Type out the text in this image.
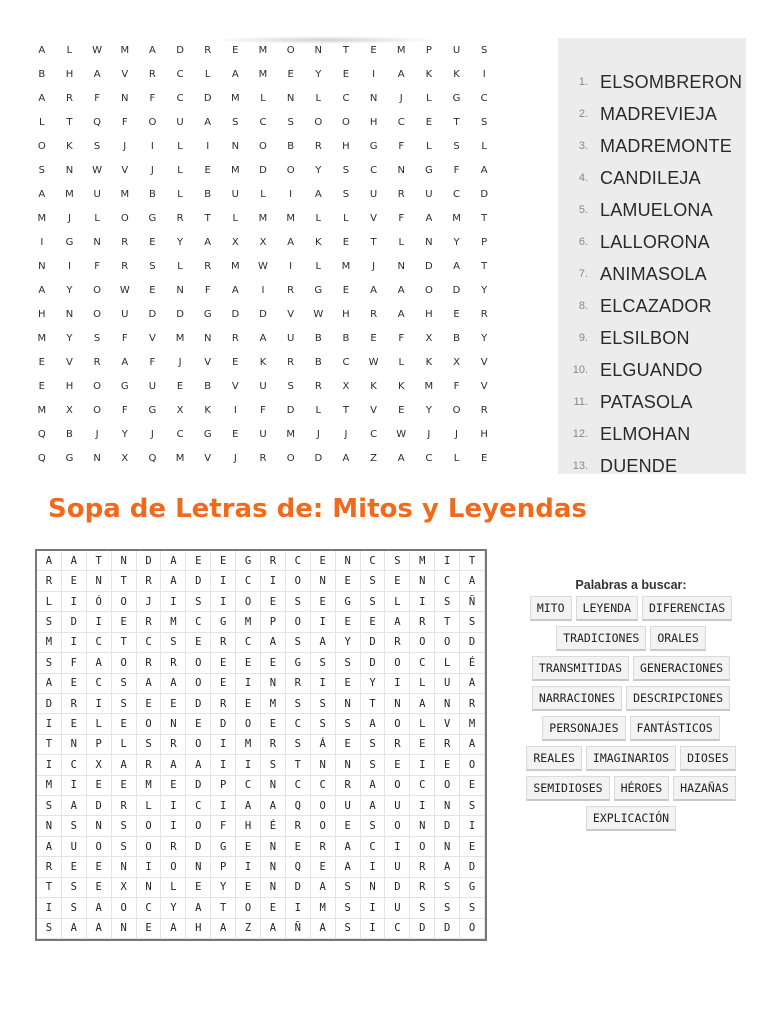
A	L	W	M	A	D	R	E	M	O	N	T	E	M	P	U	S
B	H	A	V	R	C	L	A	M	E	Y	E	I	A	K	K	I
A	R	F	N	F	C	D	M	L	N	L	C	N	J	L	G	C
L	T	Q	F	O	U	A	S	C	S	O	O	H	C	E	T	S
O	K	S	J	I	L	I	N	O	B	R	H	G	F	L	S	L
S	N	W	V	J	L	E	M	D	O	Y	S	C	N	G	F	A
A	M	U	M	B	L	B	U	L	I	A	S	U	R	U	C	D
M	J	L	O	G	R	T	L	M	M	L	L	V	F	A	M	T
I	G	N	R	E	Y	A	X	X	A	K	E	T	L	N	Y	P
N	I	F	R	S	L	R	M	W	I	L	M	J	N	D	A	T
A	Y	O	W	E	N	F	A	I	R	G	E	A	A	O	D	Y
H	N	O	U	D	D	G	D	D	V	W	H	R	A	H	E	R
M	Y	S	F	V	M	N	R	A	U	B	B	E	F	X	B	Y
E	V	R	A	F	J	V	E	K	R	B	C	W	L	K	X	V
E	H	O	G	U	E	B	V	U	S	R	X	K	K	M	F	V
M	X	O	F	G	X	K	I	F	D	L	T	V	E	Y	O	R
Q	B	J	Y	J	C	G	E	U	M	J	J	C	W	J	J	H
Q	G	N	X	Q	M	V	J	R	O	D	A	Z	A	C	L	E
1. ELSOMBRERON
2. MADREVIEJA
3. MADREMONTE
4. CANDILEJA
5. LAMUELONA
6. LALLORONA
7. ANIMASOLA
8. ELCAZADOR
9. ELSILBON
10. ELGUANDO
11. PATASOLA
12. ELMOHAN
13. DUENDE
Sopa de Letras de: Mitos y Leyendas
A	A	T	N	D	A	E	E	G	R	C	E	N	C	S	M	I	T
R	E	N	T	R	A	D	I	C	I	O	N	E	S	E	N	C	A
L	I	Ó	O	J	I	S	I	O	E	S	E	G	S	L	I	S	Ñ
S	D	I	E	R	M	C	G	M	P	O	I	E	E	A	R	T	S
M	I	C	T	C	S	E	R	C	A	S	A	Y	D	R	O	O	D
S	F	A	O	R	R	O	E	E	E	G	S	S	D	O	C	L	É
A	E	C	S	A	A	O	E	I	N	R	I	E	Y	I	L	U	A
D	R	I	S	E	E	D	R	E	M	S	S	N	T	N	A	N	R
I	E	L	E	O	N	E	D	O	E	C	S	S	A	O	L	V	M
T	N	P	L	S	R	O	I	M	R	S	Á	E	S	R	E	R	A
I	C	X	A	R	A	A	I	I	S	T	N	N	S	E	I	E	O
M	I	E	E	M	E	D	P	C	N	C	C	R	A	O	C	O	E
S	A	D	R	L	I	C	I	A	A	Q	O	U	A	U	I	N	S
N	S	N	S	O	I	O	F	H	É	R	O	E	S	O	N	D	I
A	U	O	S	O	R	D	G	E	N	E	R	A	C	I	O	N	E
R	E	E	N	I	O	N	P	I	N	Q	E	A	I	U	R	A	D
T	S	E	X	N	L	E	Y	E	N	D	A	S	N	D	R	S	G
I	S	A	O	C	Y	A	T	O	E	I	M	S	I	U	S	S	S
S	A	A	N	E	A	H	A	Z	A	Ñ	A	S	I	C	D	D	O
Palabras a buscar:
MITO	LEYENDA	DIFERENCIAS
TRADICIONES	ORALES
TRANSMITIDAS	GENERACIONES
NARRACIONES	DESCRIPCIONES
PERSONAJES	FANTÁSTICOS
REALES	IMAGINARIOS	DIOSES
SEMIDIOSES	HÉROES	HAZAÑAS
EXPLICACIÓN
